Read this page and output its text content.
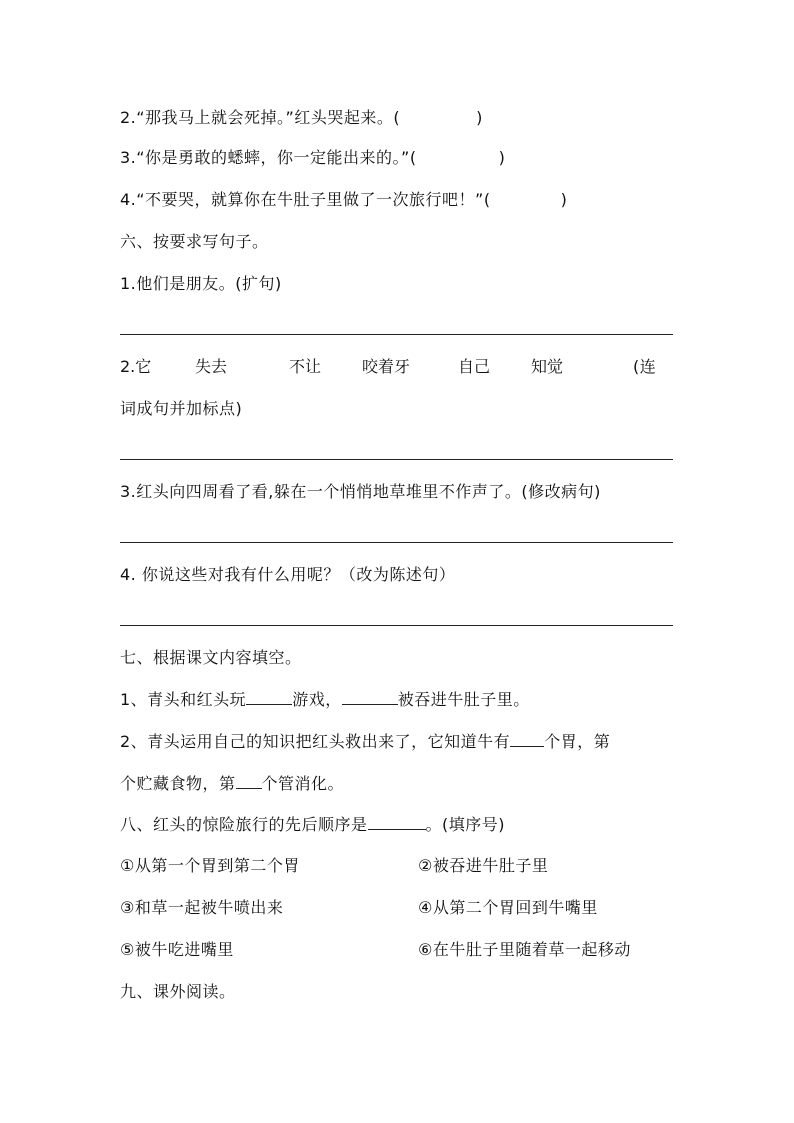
2.“那我马上就会死掉。”红头哭起来。(	)
3.“你是勇敢的蟋蟀，你一定能出来的。”(	)
4.“不要哭，就算你在牛肚子里做了一次旅行吧！”(	)
六、按要求写句子。
1.他们是朋友。(扩句)
2.它	失去	不让	咬着牙	自己	知觉	(连
词成句并加标点)
3.红头向四周看了看,躲在一个悄悄地草堆里不作声了。(修改病句)
4. 你说这些对我有什么用呢？（改为陈述句）
七、根据课文内容填空。
1、青头和红头玩	游戏，	被吞进牛肚子里。
2、青头运用自己的知识把红头救出来了，它知道牛有 个胃，第
个贮藏食物，第 个管消化。
八、红头的惊险旅行的先后顺序是	。(填序号)
①从第一个胃到第二个胃	②被吞进牛肚子里
③和草一起被牛喷出来	④从第二个胃回到牛嘴里
⑤被牛吃进嘴里	⑥在牛肚子里随着草一起移动
九、课外阅读。
